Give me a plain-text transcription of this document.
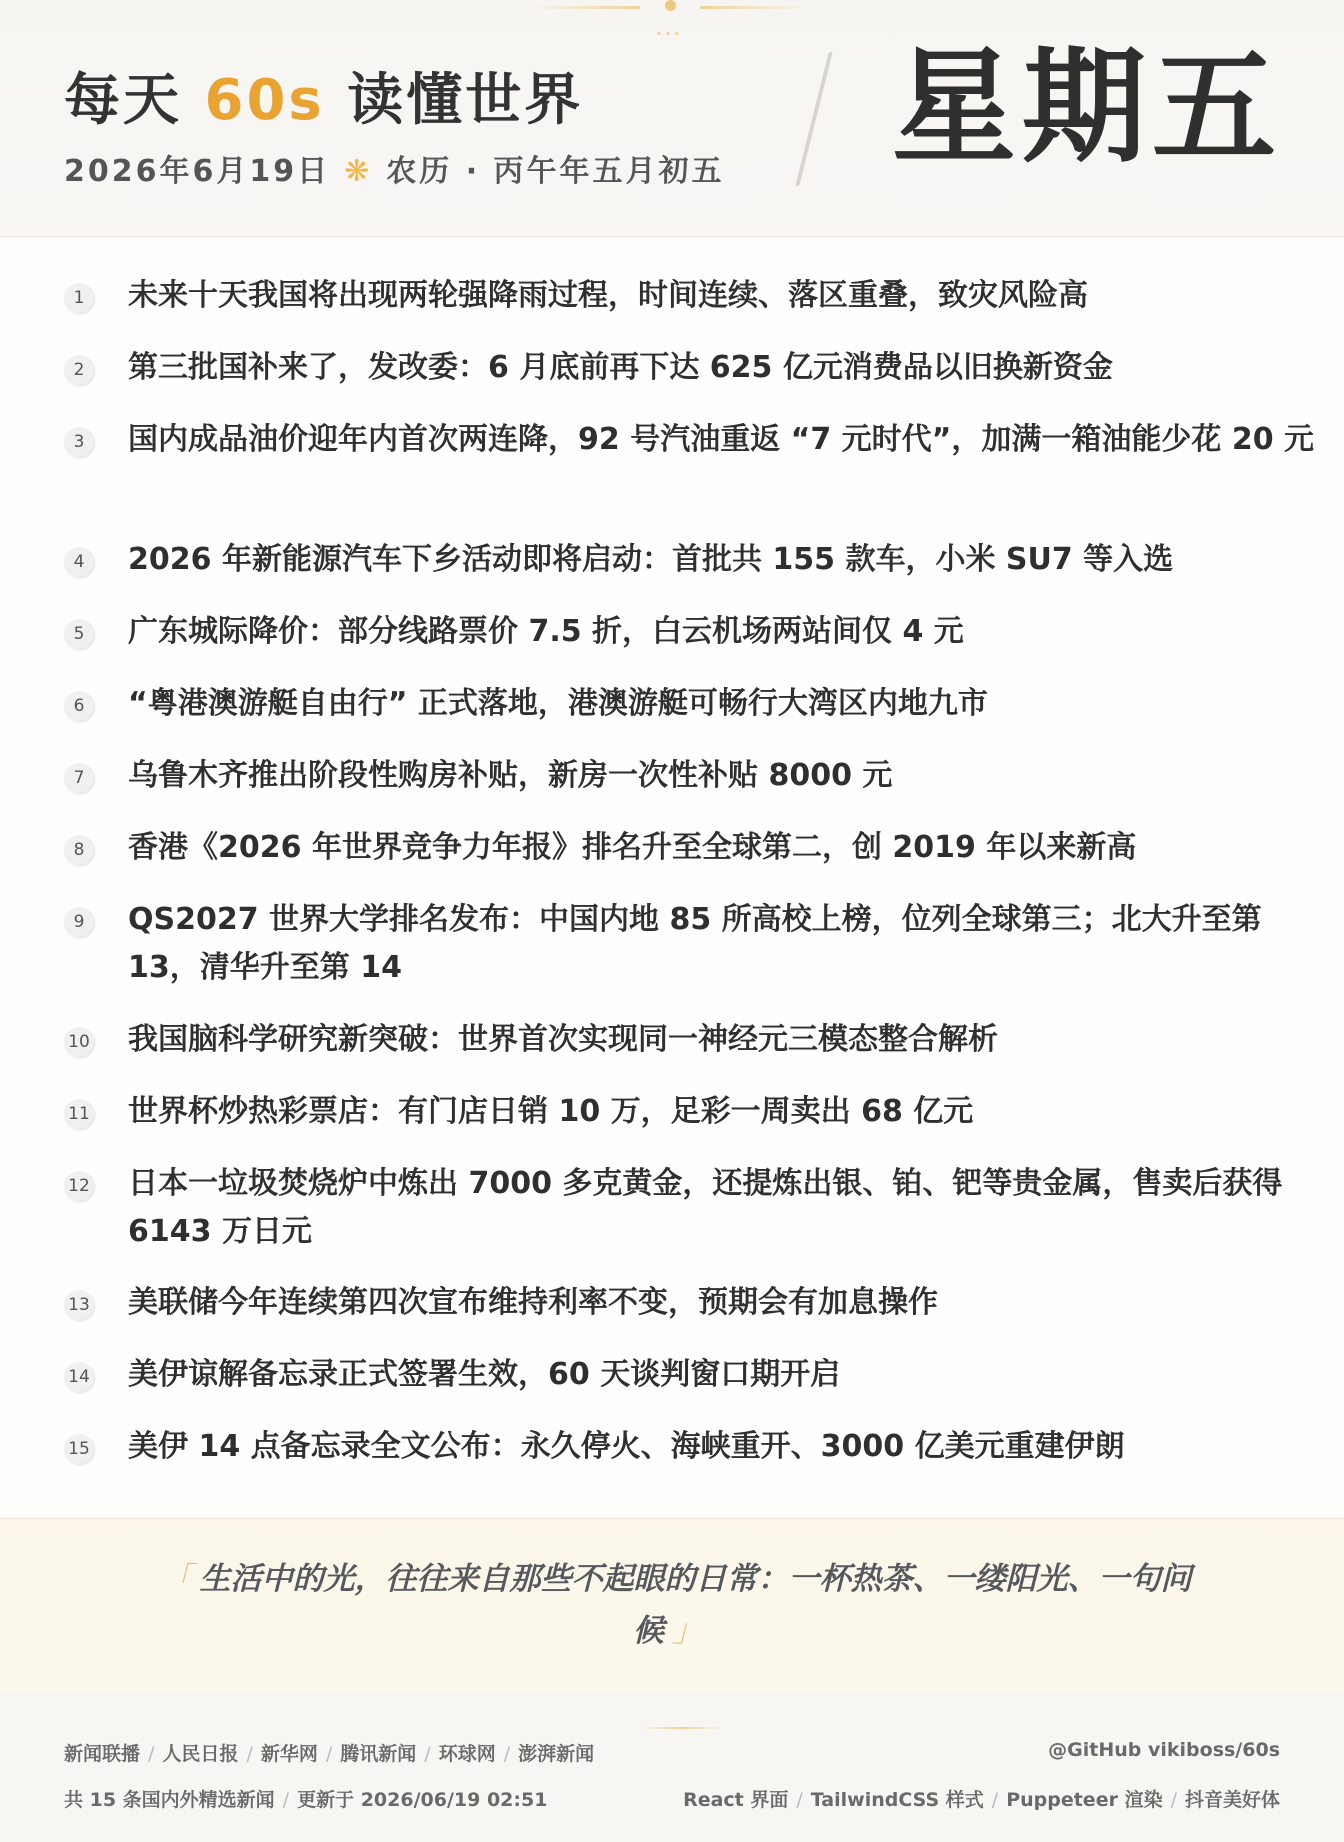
•••
每天 60s 读懂世界
2026年6月19日 ❋ 农历 · 丙午年五月初五 星期五
1	未来十天我国将出现两轮强降雨过程，时间连续、落区重叠，致灾风险高
2	第三批国补来了，发改委：6 月底前再下达 625 亿元消费品以旧换新资金
3	国内成品油价迎年内首次两连降，92 号汽油重返 “7 元时代”，加满一箱油能少花 20 元
4	2026 年新能源汽车下乡活动即将启动：首批共 155 款车，小米 SU7 等入选
5	广东城际降价：部分线路票价 7.5 折，白云机场两站间仅 4 元
6	“粤港澳游艇自由行” 正式落地，港澳游艇可畅行大湾区内地九市
7	乌鲁木齐推出阶段性购房补贴，新房一次性补贴 8000 元
8	香港《2026 年世界竞争力年报》排名升至全球第二，创 2019 年以来新高
9	QS2027 世界大学排名发布：中国内地 85 所高校上榜，位列全球第三；北大升至第 13，清华升至第 14
10 我国脑科学研究新突破：世界首次实现同一神经元三模态整合解析
11 世界杯炒热彩票店：有门店日销 10 万，足彩一周卖出 68 亿元
12 日本一垃圾焚烧炉中炼出 7000 多克黄金，还提炼出银、铂、钯等贵金属，售卖后获得 6143 万日元
13 美联储今年连续第四次宣布维持利率不变，预期会有加息操作
14 美伊谅解备忘录正式签署生效，60 天谈判窗口期开启
15 美伊 14 点备忘录全文公布：永久停火、海峡重开、3000 亿美元重建伊朗
「 生活中的光，往往来自那些不起眼的日常：一杯热茶、一缕阳光、一句问候 」
新闻联播 / 人民日报 / 新华网 / 腾讯新闻 / 环球网 / 澎湃新闻
共 15 条国内外精选新闻 / 更新于 2026/06/19 02:51
@GitHub vikiboss/60s
React 界面 / TailwindCSS 样式 / Puppeteer 渲染 / 抖音美好体
